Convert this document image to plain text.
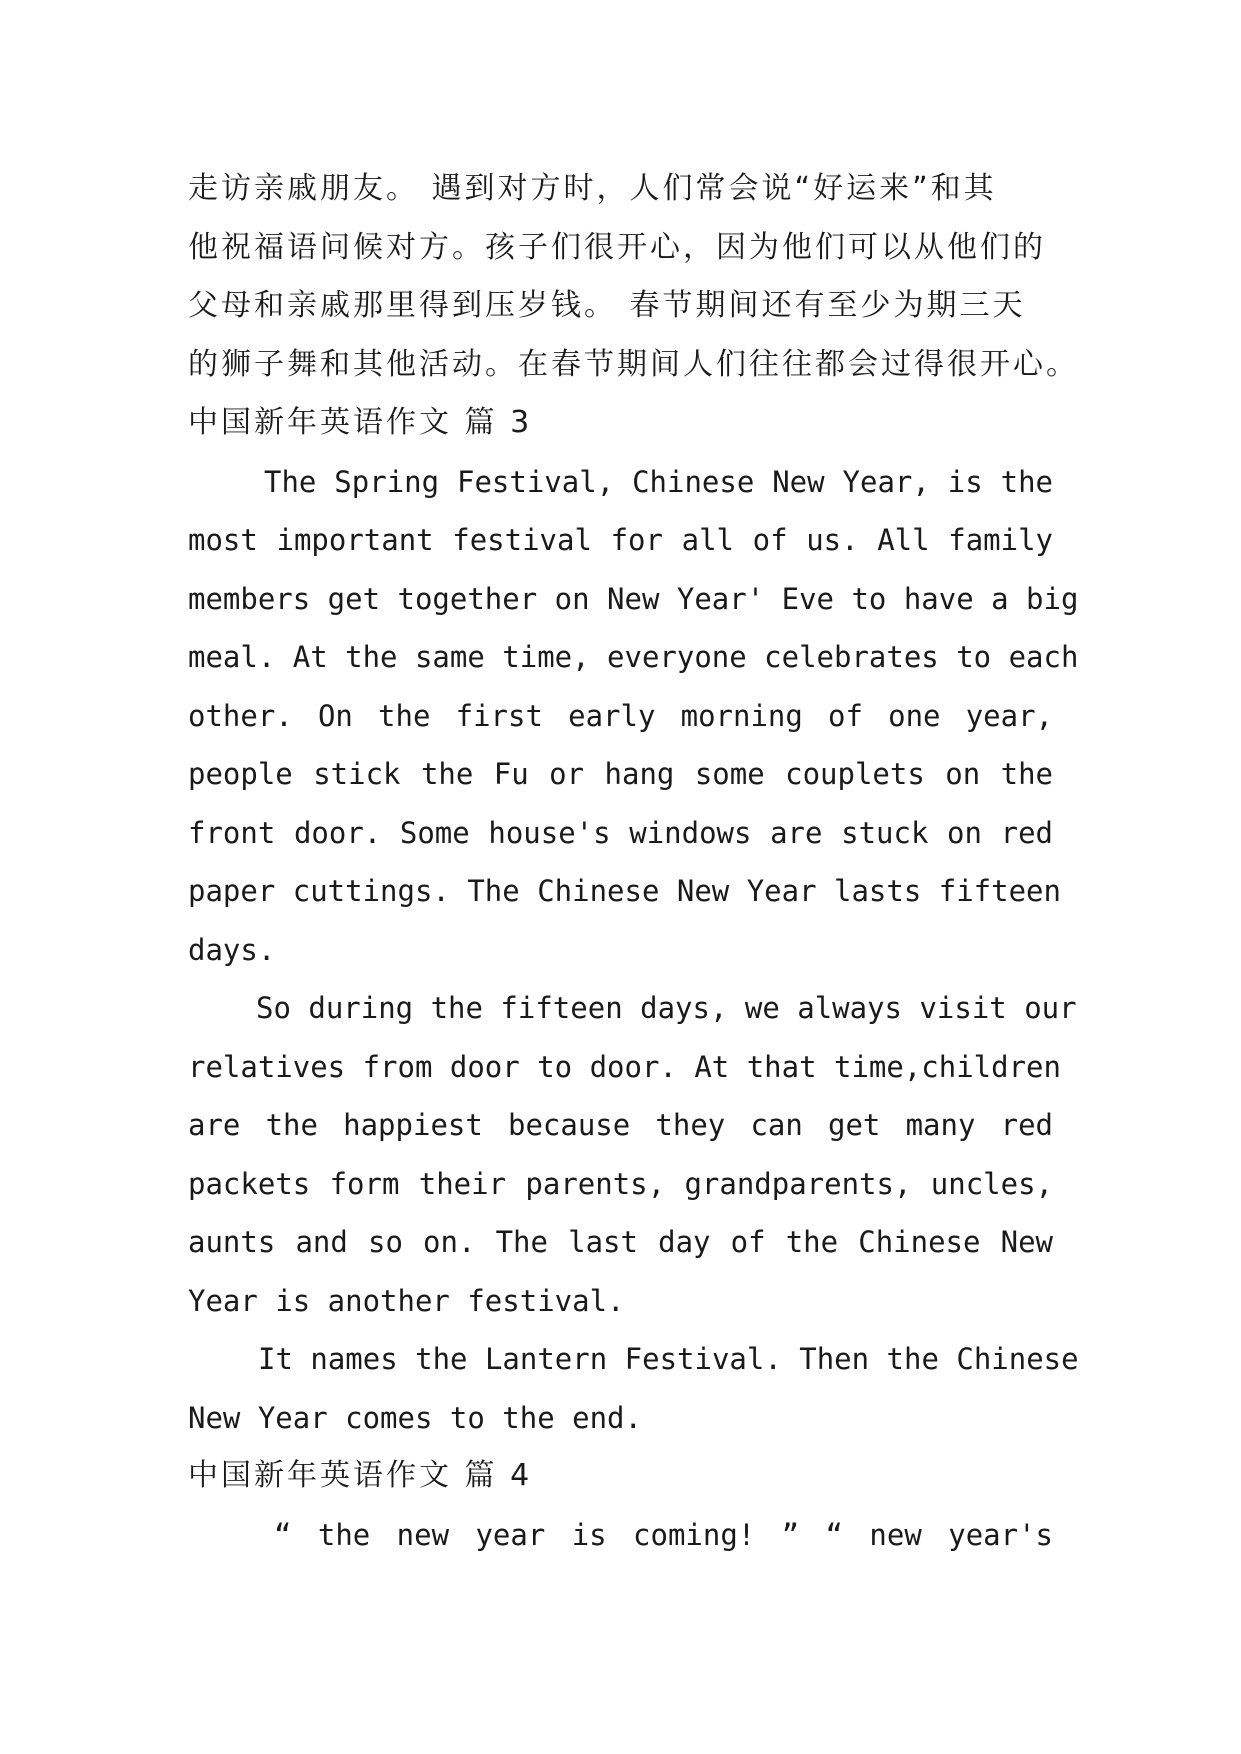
走访亲戚朋友。 遇到对方时，人们常会说“好运来”和其
他祝福语问候对方。孩子们很开心，因为他们可以从他们的
父母和亲戚那里得到压岁钱。 春节期间还有至少为期三天
的狮子舞和其他活动。在春节期间人们往往都会过得很开心。
中国新年英语作文 篇 3
The Spring Festival, Chinese New Year, is the
most important festival for all of us. All family
members get together on New Year' Eve to have a big
meal. At the same time, everyone celebrates to each
other. On the first early morning of one year,
people stick the Fu or hang some couplets on the
front door. Some house's windows are stuck on red
paper cuttings. The Chinese New Year lasts fifteen
days.
So during the fifteen days, we always visit our
relatives from door to door. At that time,children
are the happiest because they can get many red
packets form their parents, grandparents, uncles,
aunts and so on. The last day of the Chinese New
Year is another festival.
It names the Lantern Festival. Then the Chinese
New Year comes to the end.
中国新年英语作文 篇 4
“ the new year is coming! ” “ new year's
